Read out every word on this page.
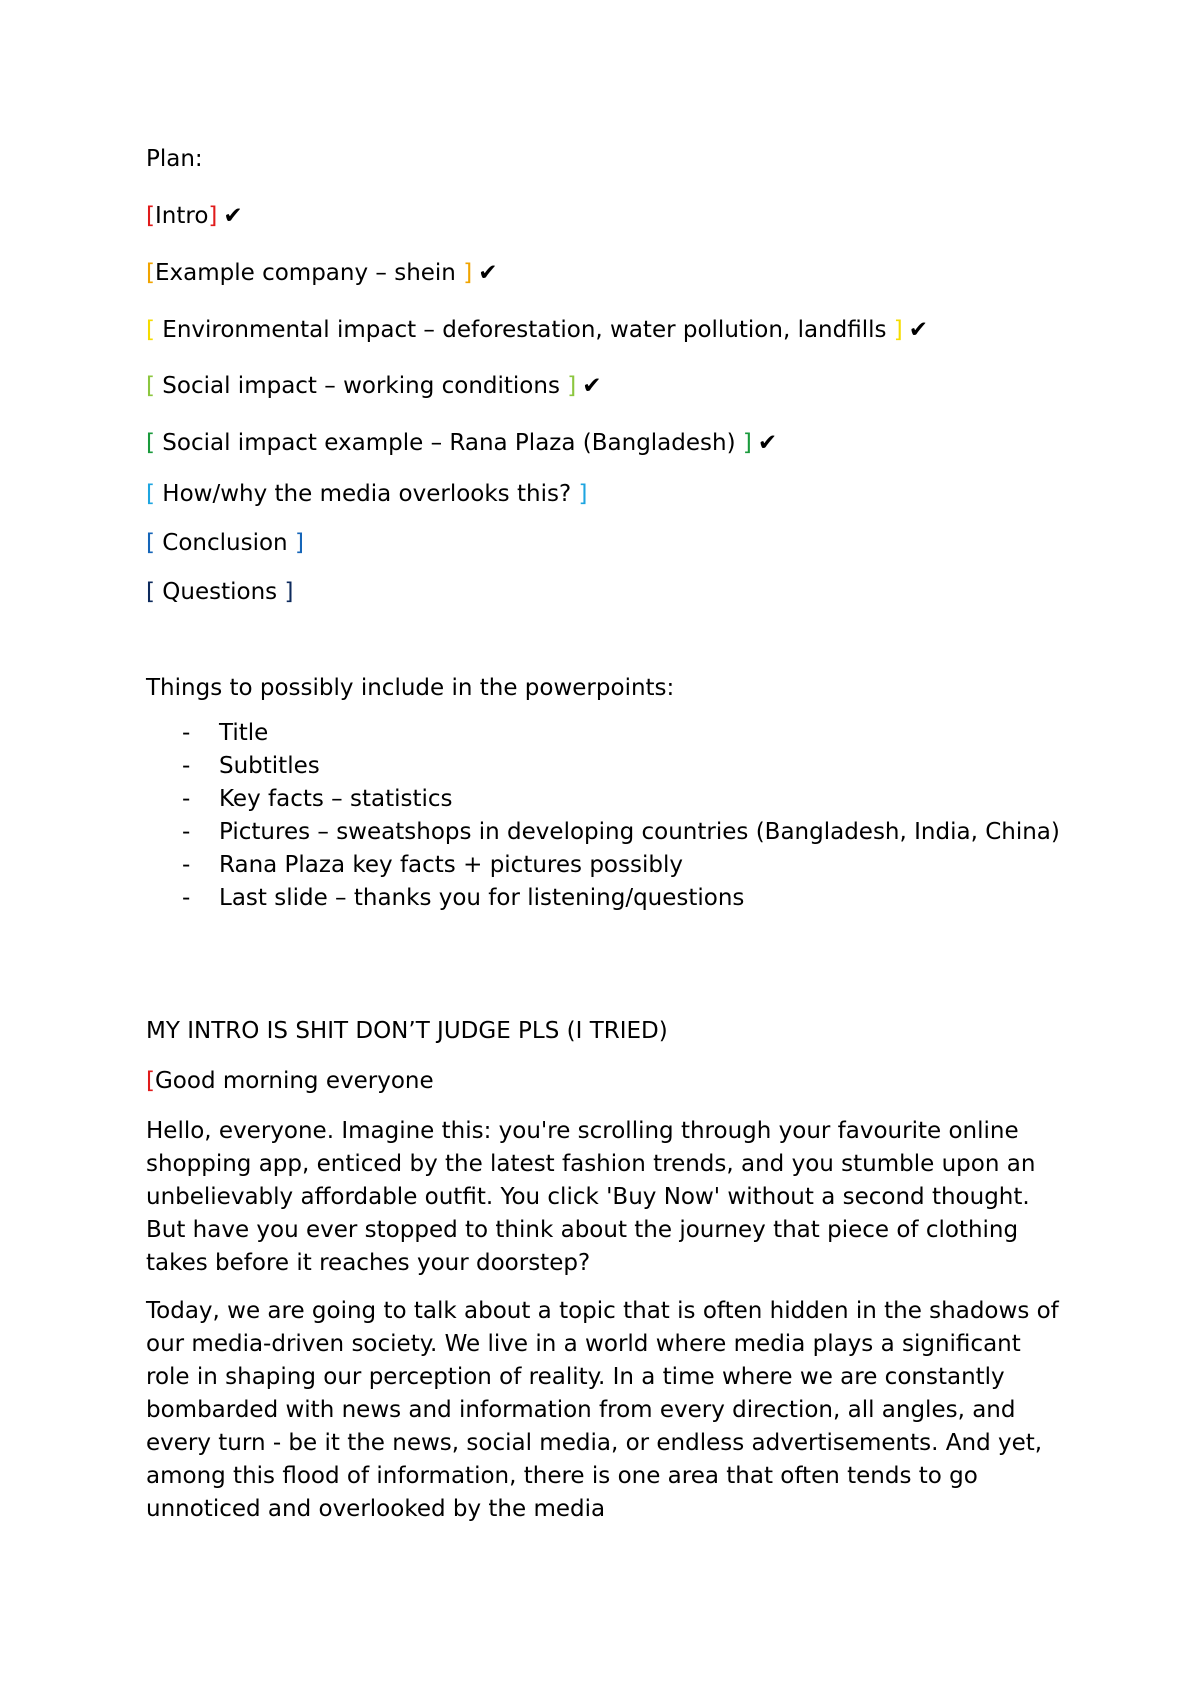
Plan:
[Intro] ✔
[Example company – shein ] ✔
[ Environmental impact – deforestation, water pollution, landfills ] ✔
[ Social impact – working conditions ] ✔
[ Social impact example – Rana Plaza (Bangladesh) ] ✔
[ How/why the media overlooks this? ]
[ Conclusion ]
[ Questions ]
Things to possibly include in the powerpoints:
- Title
- Subtitles
- Key facts – statistics
- Pictures – sweatshops in developing countries (Bangladesh, India, China)
- Rana Plaza key facts + pictures possibly
- Last slide – thanks you for listening/questions
MY INTRO IS SHIT DON’T JUDGE PLS (I TRIED)
[Good morning everyone

Hello, everyone. Imagine this: you're scrolling through your favourite online shopping app, enticed by the latest fashion trends, and you stumble upon an unbelievably affordable outfit. You click 'Buy Now' without a second thought. But have you ever stopped to think about the journey that piece of clothing takes before it reaches your doorstep?

Today, we are going to talk about a topic that is often hidden in the shadows of our media-driven society. We live in a world where media plays a significant role in shaping our perception of reality. In a time where we are constantly bombarded with news and information from every direction, all angles, and every turn - be it the news, social media, or endless advertisements. And yet, among this flood of information, there is one area that often tends to go unnoticed and overlooked by the media
